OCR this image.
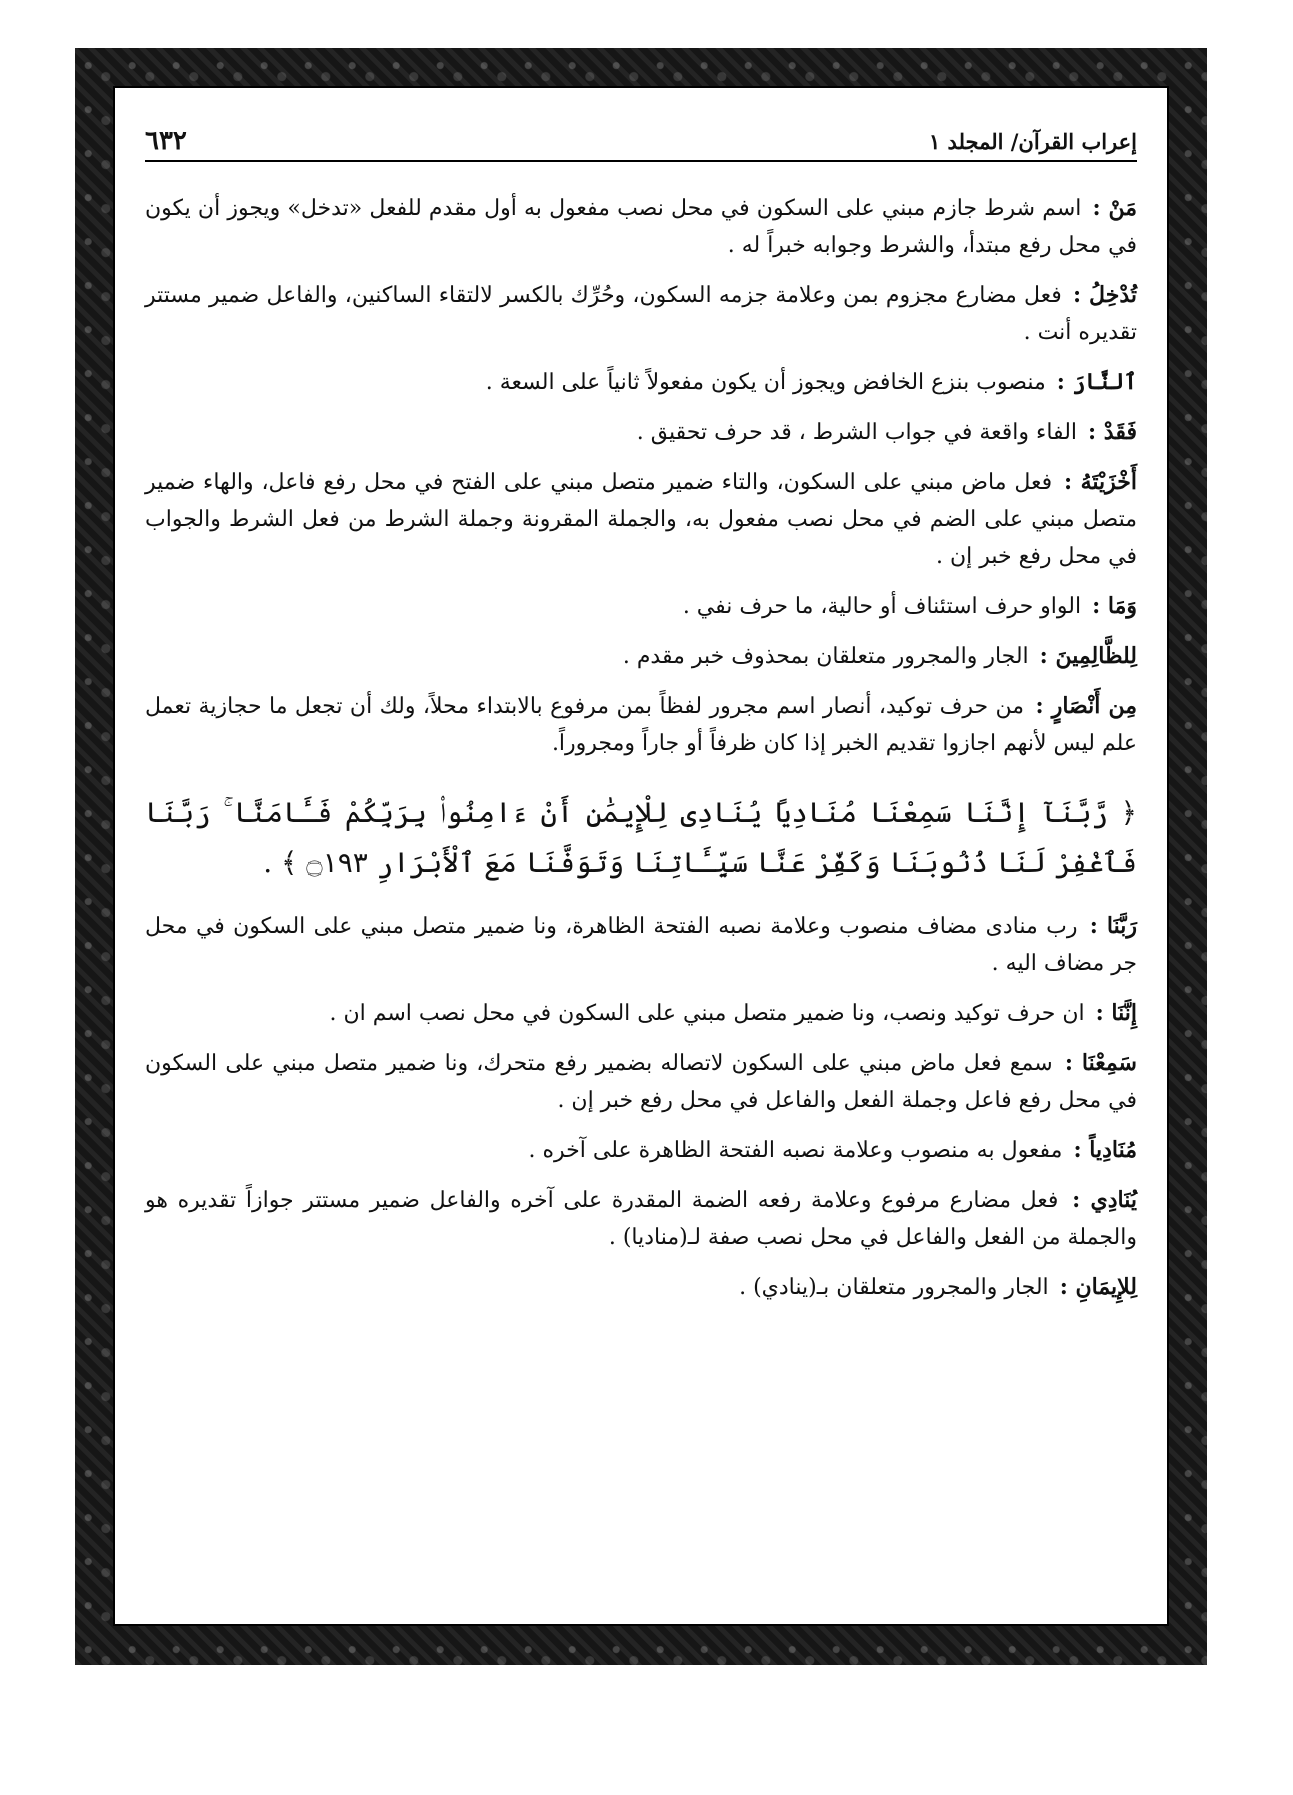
إعراب القرآن/ المجلد ١
٦٣٢
مَنْ : اسم شرط جازم مبني على السكون في محل نصب مفعول به أول مقدم للفعل «تدخل» ويجوز أن يكون في محل رفع مبتدأ، والشرط وجوابه خبراً له .
تُدْخِلُ : فعل مضارع مجزوم بمن وعلامة جزمه السكون، وحُرِّك بالكسر لالتقاء الساكنين، والفاعل ضمير مستتر تقديره أنت .
ٱلنَّارَ : منصوب بنزع الخافض ويجوز أن يكون مفعولاً ثانياً على السعة .
فَقَدْ : الفاء واقعة في جواب الشرط ، قد حرف تحقيق .
أَخْزَيْتَهُ : فعل ماض مبني على السكون، والتاء ضمير متصل مبني على الفتح في محل رفع فاعل، والهاء ضمير متصل مبني على الضم في محل نصب مفعول به، والجملة المقرونة وجملة الشرط من فعل الشرط والجواب في محل رفع خبر إن .
وَمَا : الواو حرف استئناف أو حالية، ما حرف نفي .
لِلظَّالِمِينَ : الجار والمجرور متعلقان بمحذوف خبر مقدم .
مِن أَنْصَارٍ : من حرف توكيد، أنصار اسم مجرور لفظاً بمن مرفوع بالابتداء محلاً، ولك أن تجعل ما حجازية تعمل علم ليس لأنهم اجازوا تقديم الخبر إذا كان ظرفاً أو جاراً ومجروراً.
﴿ رَّبَّنَآ إِنَّنَا سَمِعْنَا مُنَادِيًا يُنَادِى لِلْإِيمَٰنِ أَنْ ءَامِنُوا۟ بِرَبِّكُمْ فَـَٔامَنَّا ۚ رَبَّنَا فَٱغْفِرْ لَنَا ذُنُوبَنَا وَكَفِّرْ عَنَّا سَيِّـَٔاتِنَا وَتَوَفَّنَا مَعَ ٱلْأَبْرَارِ ۝١٩٣ ﴾ .
رَبَّنَا : رب منادى مضاف منصوب وعلامة نصبه الفتحة الظاهرة، ونا ضمير متصل مبني على السكون في محل جر مضاف اليه .
إِنَّنَا : ان حرف توكيد ونصب، ونا ضمير متصل مبني على السكون في محل نصب اسم ان .
سَمِعْنَا : سمع فعل ماض مبني على السكون لاتصاله بضمير رفع متحرك، ونا ضمير متصل مبني على السكون في محل رفع فاعل وجملة الفعل والفاعل في محل رفع خبر إن .
مُنَادِياً : مفعول به منصوب وعلامة نصبه الفتحة الظاهرة على آخره .
يُنَادِي : فعل مضارع مرفوع وعلامة رفعه الضمة المقدرة على آخره والفاعل ضمير مستتر جوازاً تقديره هو والجملة من الفعل والفاعل في محل نصب صفة لـ(مناديا) .
لِلإِيمَانِ : الجار والمجرور متعلقان بـ(ينادي) .
